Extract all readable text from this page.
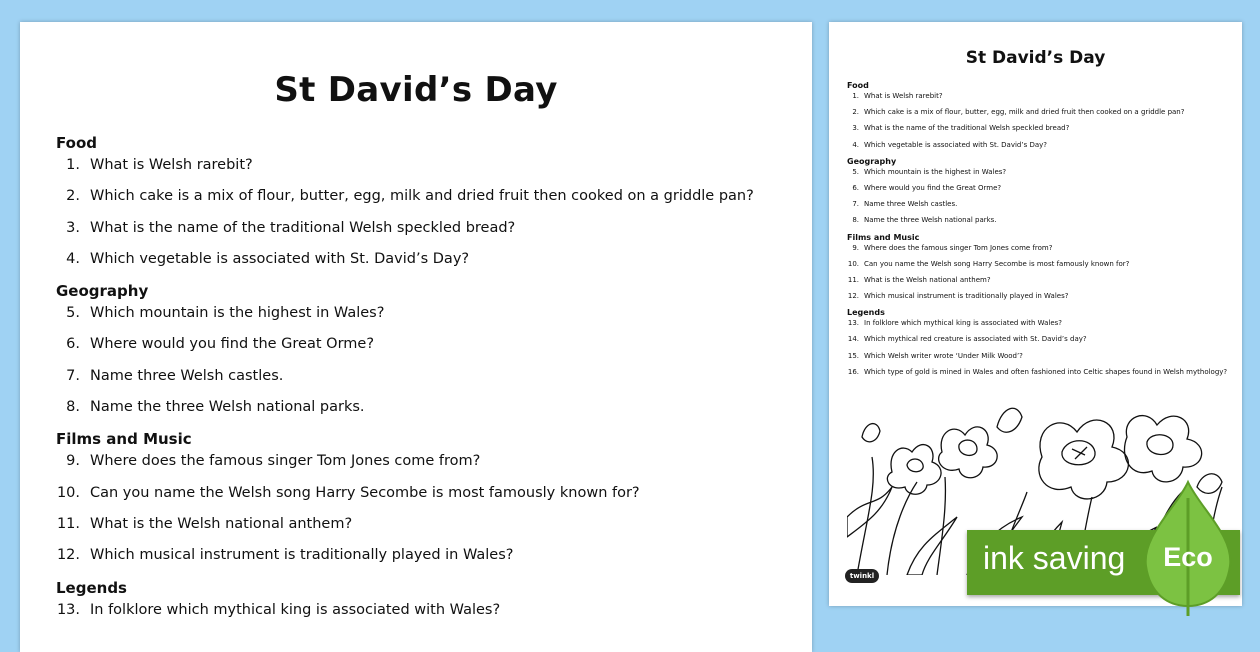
St David’s Day
Food
1. What is Welsh rarebit?
2. Which cake is a mix of flour, butter, egg, milk and dried fruit then cooked on a griddle pan?
3. What is the name of the traditional Welsh speckled bread?
4. Which vegetable is associated with St. David’s Day?
Geography
5. Which mountain is the highest in Wales?
6. Where would you find the Great Orme?
7. Name three Welsh castles.
8. Name the three Welsh national parks.
Films and Music
9. Where does the famous singer Tom Jones come from?
10. Can you name the Welsh song Harry Secombe is most famously known for?
11. What is the Welsh national anthem?
12. Which musical instrument is traditionally played in Wales?
Legends
13. In folklore which mythical king is associated with Wales?
St David’s Day
Food
1. What is Welsh rarebit?
2. Which cake is a mix of flour, butter, egg, milk and dried fruit then cooked on a griddle pan?
3. What is the name of the traditional Welsh speckled bread?
4. Which vegetable is associated with St. David’s Day?
Geography
5. Which mountain is the highest in Wales?
6. Where would you find the Great Orme?
7. Name three Welsh castles.
8. Name the three Welsh national parks.
Films and Music
9. Where does the famous singer Tom Jones come from?
10. Can you name the Welsh song Harry Secombe is most famously known for?
11. What is the Welsh national anthem?
12. Which musical instrument is traditionally played in Wales?
Legends
13. In folklore which mythical king is associated with Wales?
14. Which mythical red creature is associated with St. David’s day?
15. Which Welsh writer wrote ‘Under Milk Wood’?
16. Which type of gold is mined in Wales and often fashioned into Celtic shapes found in Welsh mythology?
twinkl	ink saving	Eco
